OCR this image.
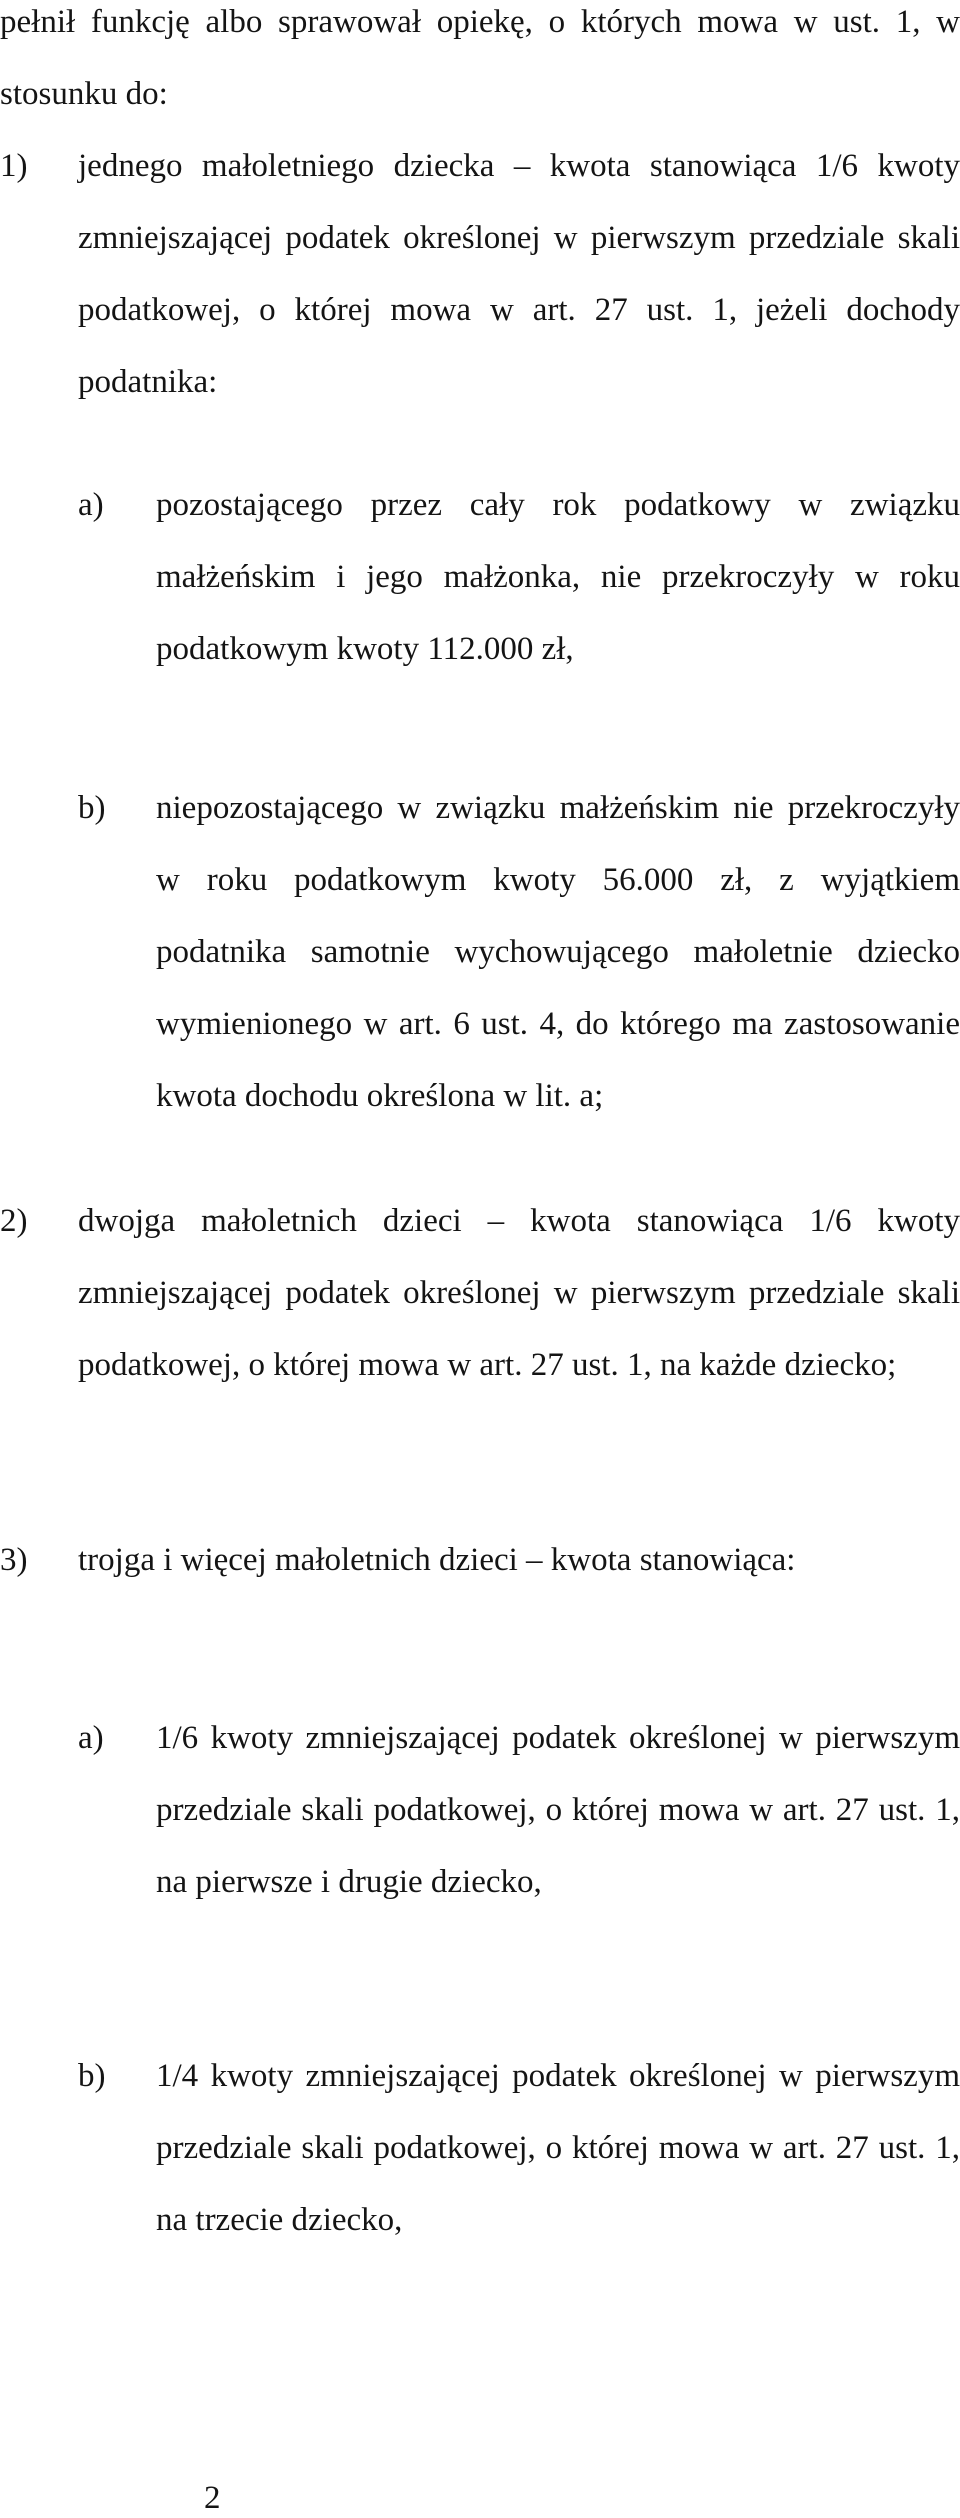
pełnił funkcję albo sprawował opiekę, o których mowa w ust. 1, w stosunku do:
1) jednego małoletniego dziecka – kwota stanowiąca 1/6 kwoty zmniejszającej podatek określonej w pierwszym przedziale skali podatkowej, o której mowa w art. 27 ust. 1, jeżeli dochody podatnika:
a) pozostającego przez cały rok podatkowy w związku małżeńskim i jego małżonka, nie przekroczyły w roku podatkowym kwoty 112.000 zł,
b) niepozostającego w związku małżeńskim nie przekroczyły w roku podatkowym kwoty 56.000 zł, z wyjątkiem podatnika samotnie wychowującego małoletnie dziecko wymienionego w art. 6 ust. 4, do którego ma zastosowanie kwota dochodu określona w lit. a;
2) dwojga małoletnich dzieci – kwota stanowiąca 1/6 kwoty zmniejszającej podatek określonej w pierwszym przedziale skali podatkowej, o której mowa w art. 27 ust. 1, na każde dziecko;
3) trojga i więcej małoletnich dzieci – kwota stanowiąca:
a) 1/6 kwoty zmniejszającej podatek określonej w pierwszym przedziale skali podatkowej, o której mowa w art. 27 ust. 1, na pierwsze i drugie dziecko,
b) 1/4 kwoty zmniejszającej podatek określonej w pierwszym przedziale skali podatkowej, o której mowa w art. 27 ust. 1, na trzecie dziecko,
2
